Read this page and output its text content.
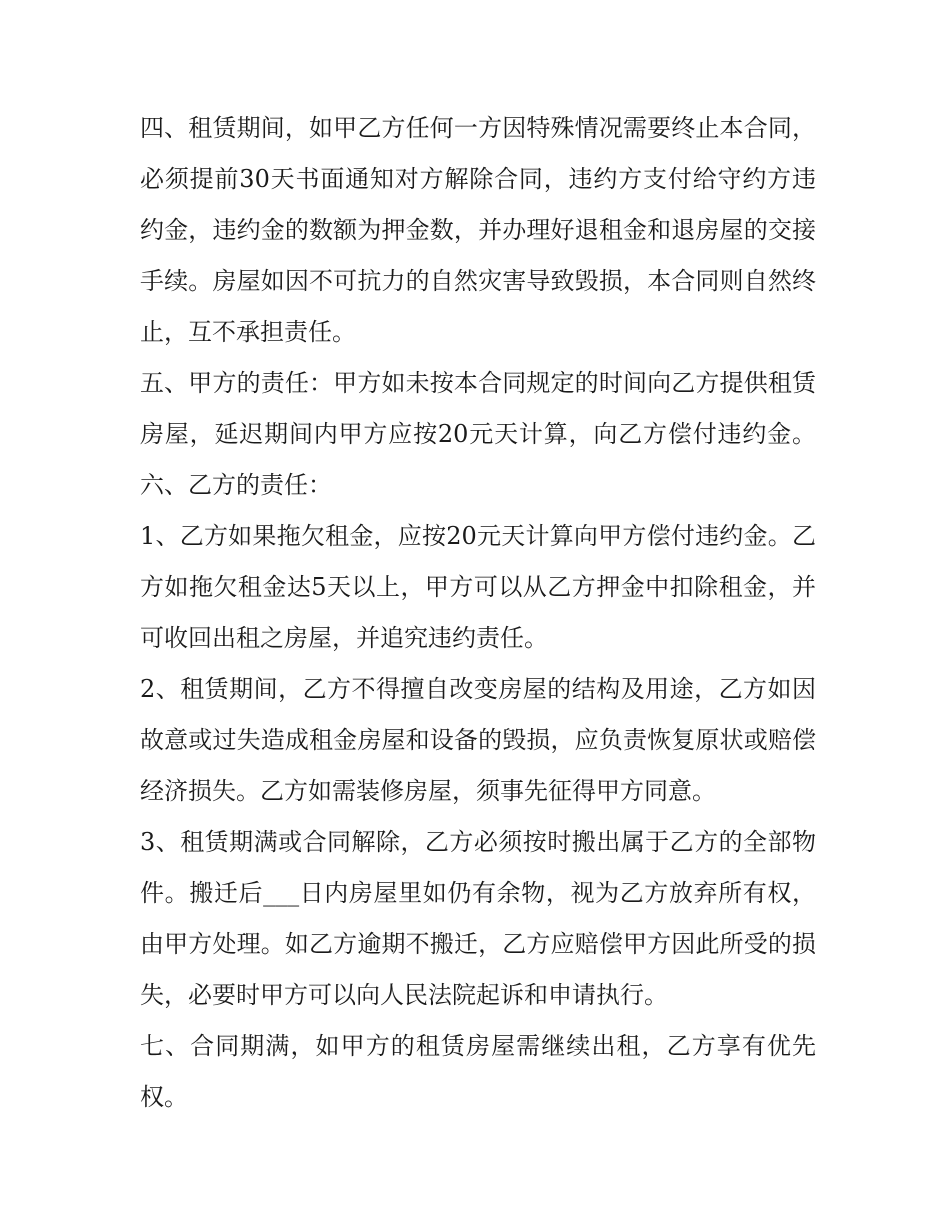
四、租赁期间，如甲乙方任何一方因特殊情况需要终止本合同，必须提前30天书面通知对方解除合同，违约方支付给守约方违约金，违约金的数额为押金数，并办理好退租金和退房屋的交接手续。房屋如因不可抗力的自然灾害导致毁损，本合同则自然终止，互不承担责任。

五、甲方的责任：甲方如未按本合同规定的时间向乙方提供租赁房屋，延迟期间内甲方应按20元天计算，向乙方偿付违约金。 六、乙方的责任：

1、乙方如果拖欠租金，应按20元天计算向甲方偿付违约金。乙方如拖欠租金达5天以上，甲方可以从乙方押金中扣除租金，并可收回出租之房屋，并追究违约责任。

2、租赁期间，乙方不得擅自改变房屋的结构及用途，乙方如因故意或过失造成租金房屋和设备的毁损，应负责恢复原状或赔偿经济损失。乙方如需装修房屋，须事先征得甲方同意。

3、租赁期满或合同解除，乙方必须按时搬出属于乙方的全部物件。搬迁后___日内房屋里如仍有余物，视为乙方放弃所有权，由甲方处理。如乙方逾期不搬迁，乙方应赔偿甲方因此所受的损失，必要时甲方可以向人民法院起诉和申请执行。

七、合同期满，如甲方的租赁房屋需继续出租，乙方享有优先权。
